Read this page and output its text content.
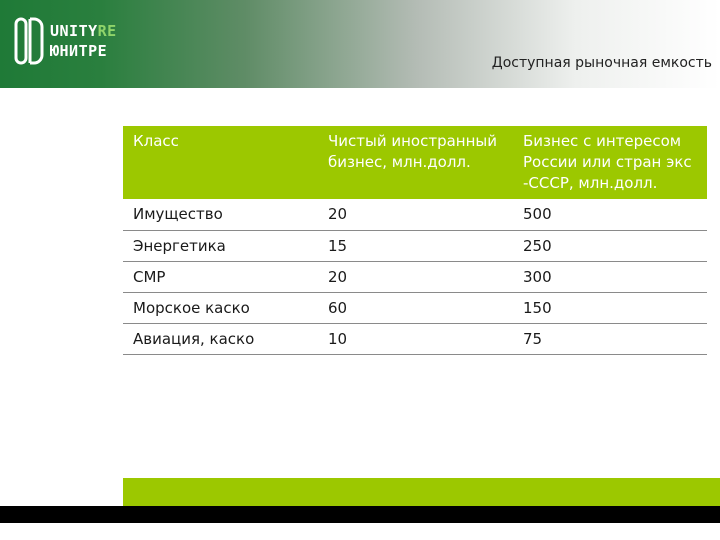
UNITYRE
ЮНИТРЕ
Доступная рыночная емкость
Класс	Чистый иностранный бизнес, млн.долл.	Бизнес с интересом России или стран экс -СССР, млн.долл.
Имущество	20	500
Энергетика	15	250
СМР	20	300
Морское каско	60	150
Авиация, каско	10	75
